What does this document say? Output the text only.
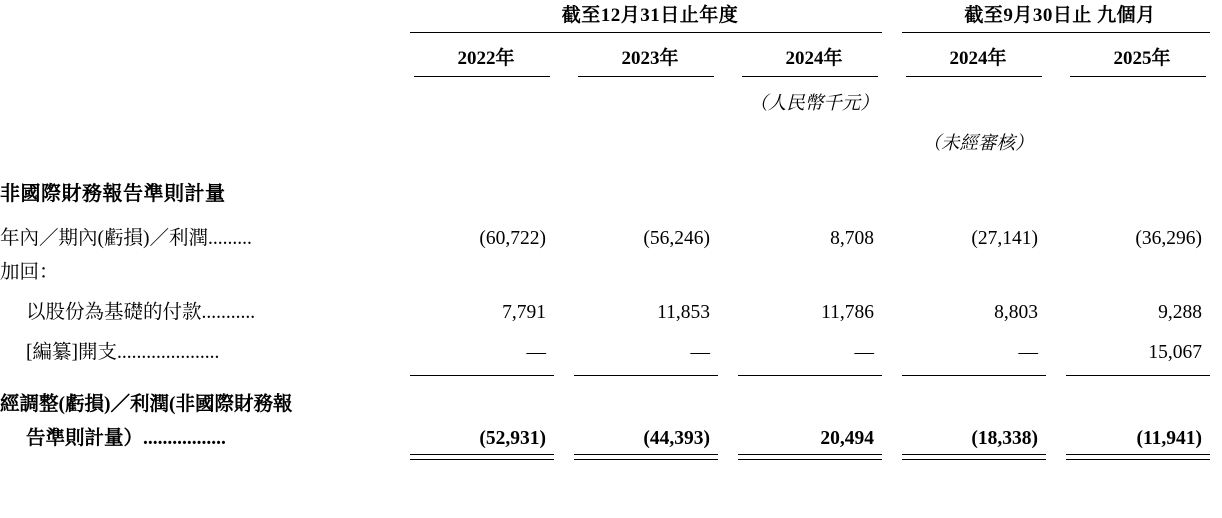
	截至12月31日止年度			截至9月30日止 九個月	

	2022年	2023年	2024年	2024年	2025年

			（人民幣千元）		
				（未經審核）	
非國際財務報告準則計量					
年內／期內(虧損)／利潤.........	(60,722)	(56,246)	8,708	(27,141)	(36,296)
加回：					
以股份為基礎的付款...........	7,791	11,853	11,786	8,803	9,288
[編纂]開支.....................	—	—	—	—	15,067

經調整(虧損)／利潤(非國際財務報					
告準則計量）.................	(52,931)	(44,393)	20,494	(18,338)	(11,941)
